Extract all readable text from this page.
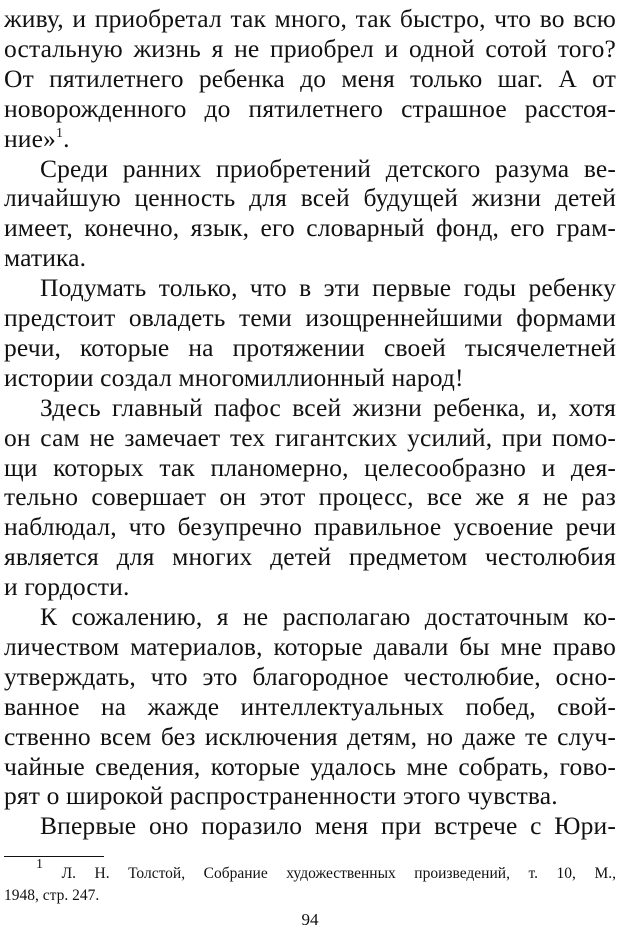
живу, и приобретал так много, так быстро, что во всю
остальную жизнь я не приобрел и одной сотой того?
От пятилетнего ребенка до меня только шаг. А от
новорожденного до пятилетнего страшное расстоя-
ние»$^1$.
Среди ранних приобретений детского разума ве-
личайшую ценность для всей будущей жизни детей
имеет, конечно, язык, его словарный фонд, его грам-
матика.
Подумать только, что в эти первые годы ребенку
предстоит овладеть теми изощреннейшими формами
речи, которые на протяжении своей тысячелетней
истории создал многомиллионный народ!
Здесь главный пафос всей жизни ребенка, и, хотя
он сам не замечает тех гигантских усилий, при помо-
щи которых так планомерно, целесообразно и дея-
тельно совершает он этот процесс, все же я не раз
наблюдал, что безупречно правильное усвоение речи
является для многих детей предметом честолюбия
и гордости.
К сожалению, я не располагаю достаточным ко-
личеством материалов, которые давали бы мне право
утверждать, что это благородное честолюбие, осно-
ванное на жажде интеллектуальных побед, свой-
ственно всем без исключения детям, но даже те случ-
чайные сведения, которые удалось мне собрать, гово-
рят о широкой распространенности этого чувства.
Впервые оно поразило меня при встрече с Юри-
$^1$ Л. Н. Толстой, Собрание художественных произведений, т. 10, М.,
1948, стр. 247.
94
